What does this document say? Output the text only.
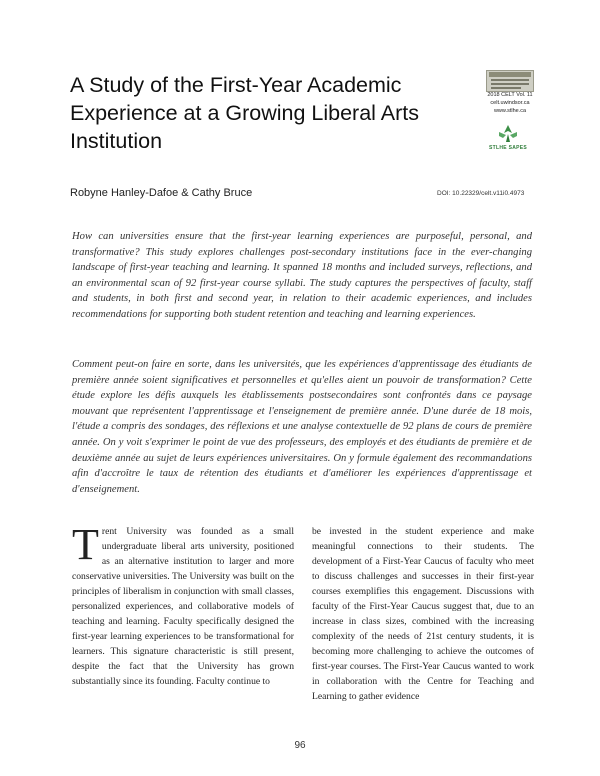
A Study of the First-Year Academic
Experience at a Growing Liberal Arts
Institution
2018 CELT Vol. 11
celt.uwindsor.ca
www.stlhe.ca
STLHE SAPES
Robyne Hanley-Dafoe & Cathy Bruce	DOI: 10.22329/celt.v11i0.4973

How can universities ensure that the first-year learning experiences are purposeful, personal, and transformative? This study explores challenges post-secondary institutions face in the ever-changing landscape of first-year teaching and learning. It spanned 18 months and included surveys, reflections, and an environmental scan of 92 first-year course syllabi. The study captures the perspectives of faculty, staff and students, in both first and second year, in relation to their academic experiences, and includes recommendations for supporting both student retention and teaching and learning experiences.

Comment peut-on faire en sorte, dans les universités, que les expériences d'apprentissage des étudiants de première année soient significatives et personnelles et qu'elles aient un pouvoir de transformation? Cette étude explore les défis auxquels les établissements postsecondaires sont confrontés dans ce paysage mouvant que représentent l'apprentissage et l'enseignement de première année. D'une durée de 18 mois, l'étude a compris des sondages, des réflexions et une analyse contextuelle de 92 plans de cours de première année. On y voit s'exprimer le point de vue des professeurs, des employés et des étudiants de première et de deuxième année au sujet de leurs expériences universitaires. On y formule également des recommandations afin d'accroître le taux de rétention des étudiants et d'améliorer les expériences d'apprentissage et d'enseignement.

Trent University was founded as a small undergraduate liberal arts university, positioned as an alternative institution to larger and more conservative universities. The University was built on the principles of liberalism in conjunction with small classes, personalized experiences, and collaborative models of teaching and learning. Faculty specifically designed the first-year learning experiences to be transformational for learners. This signature characteristic is still present, despite the fact that the University has grown substantially since its founding. Faculty continue to

be invested in the student experience and make meaningful connections to their students. The development of a First-Year Caucus of faculty who meet to discuss challenges and successes in their first-year courses exemplifies this engagement. Discussions with faculty of the First-Year Caucus suggest that, due to an increase in class sizes, combined with the increasing complexity of the needs of 21st century students, it is becoming more challenging to achieve the outcomes of first-year courses. The First-Year Caucus wanted to work in collaboration with the Centre for Teaching and Learning to gather evidence

96
